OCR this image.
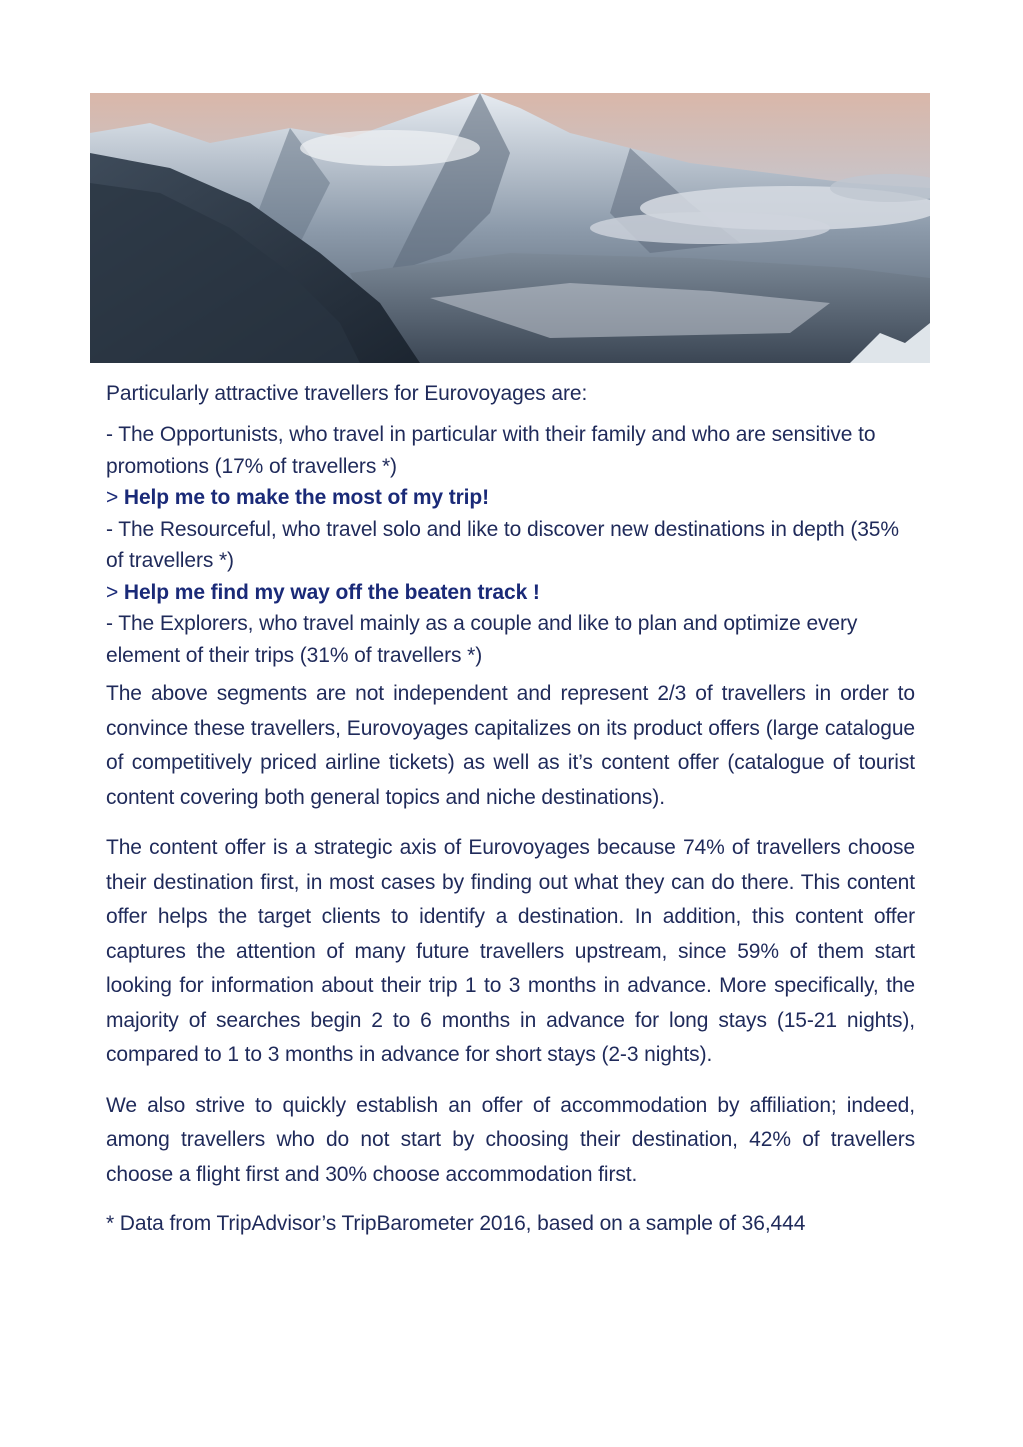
Particularly attractive travellers for Eurovoyages are:

- The Opportunists, who travel in particular with their family and who are sensitive to promotions (17% of travellers *)

> Help me to make the most of my trip!

- The Resourceful, who travel solo and like to discover new destinations in depth (35% of travellers *)

> Help me find my way off the beaten track !

- The Explorers, who travel mainly as a couple and like to plan and optimize every element of their trips (31% of travellers *)

The above segments are not independent and represent 2/3 of travellers in order to convince these travellers, Eurovoyages capitalizes on its product offers (large catalogue of competitively priced airline tickets) as well as it’s content offer (catalogue of tourist content covering both general topics and niche destinations).

The content offer is a strategic axis of Eurovoyages because 74% of travellers choose their destination first, in most cases by finding out what they can do there. This content offer helps the target clients to identify a destination. In addition, this content offer captures the attention of many future travellers upstream, since 59% of them start looking for information about their trip 1 to 3 months in advance. More specifically, the majority of searches begin 2 to 6 months in advance for long stays (15-21 nights), compared to 1 to 3 months in advance for short stays (2-3 nights).

We also strive to quickly establish an offer of accommodation by affiliation; indeed, among travellers who do not start by choosing their destination, 42% of travellers choose a flight first and 30% choose accommodation first.

* Data from TripAdvisor’s TripBarometer 2016, based on a sample of 36,444
